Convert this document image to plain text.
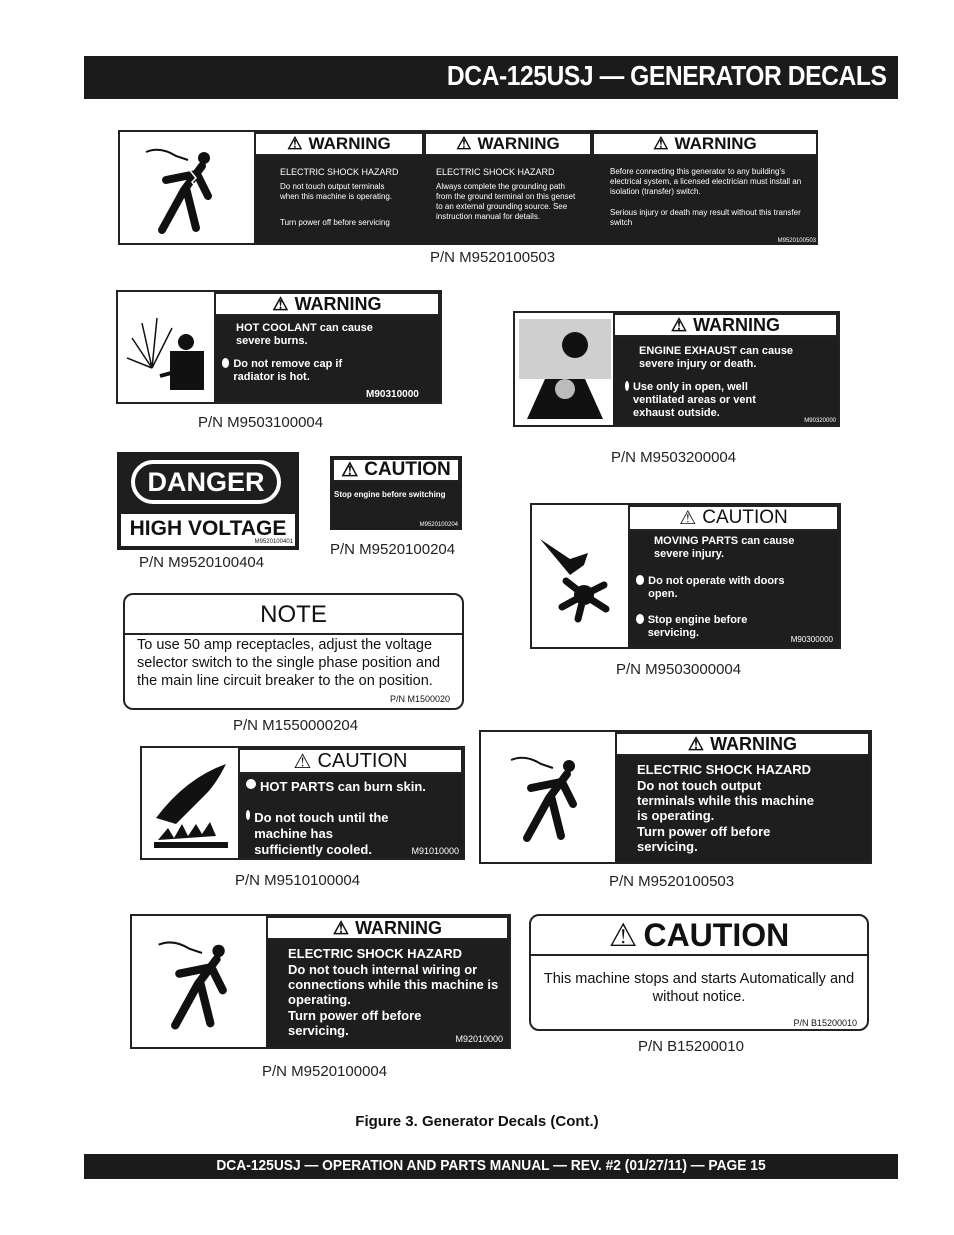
DCA-125USJ — GENERATOR DECALS
⚠ WARNING	⚠ WARNING	⚠ WARNING
ELECTRIC SHOCK HAZARD
Do not touch output terminals when this machine is operating.
Turn power off before servicing
ELECTRIC SHOCK HAZARD
Always complete the grounding path from the ground terminal on this genset to an external grounding source. See instruction manual for details.
Before connecting this generator to any building's electrical system, a licensed electrician must install an isolation (transfer) switch.
Serious injury or death may result without this transfer switch
M9520100503
P/N M9520100503
⚠ WARNING
HOT COOLANT can cause severe burns.
Do not remove cap if radiator is hot.
M90310000
P/N M9503100004
⚠ WARNING
ENGINE EXHAUST can cause severe injury or death.
Use only in open, well ventilated areas or vent exhaust outside.
M90320000
P/N M9503200004
DANGER
HIGH VOLTAGE
M9520100401
P/N M9520100404
⚠ CAUTION
Stop engine before switching
M9520100204
P/N M9520100204
⚠ CAUTION
MOVING PARTS can cause severe injury.
Do not operate with doors open.
Stop engine before servicing.
M90300000
P/N M9503000004
NOTE
To use 50 amp receptacles, adjust the voltage selector switch to the single phase position and the main line circuit breaker to the on position.
P/N M1500020
P/N M1550000204
⚠ CAUTION
HOT PARTS can burn skin.
Do not touch until the machine has sufficiently cooled.	M91010000
P/N M9510100004
⚠ WARNING
ELECTRIC SHOCK HAZARD
Do not touch output terminals while this machine is operating.
Turn power off before servicing.
P/N M9520100503
⚠ WARNING
ELECTRIC SHOCK HAZARD
Do not touch internal wiring or connections while this machine is operating.
Turn power off before servicing.
M92010000
P/N M9520100004
⚠ CAUTION
This machine stops and starts Automatically and without notice.
P/N B15200010
P/N B15200010
Figure 3. Generator Decals (Cont.)
DCA-125USJ — OPERATION AND PARTS MANUAL — REV. #2 (01/27/11) — PAGE 15
